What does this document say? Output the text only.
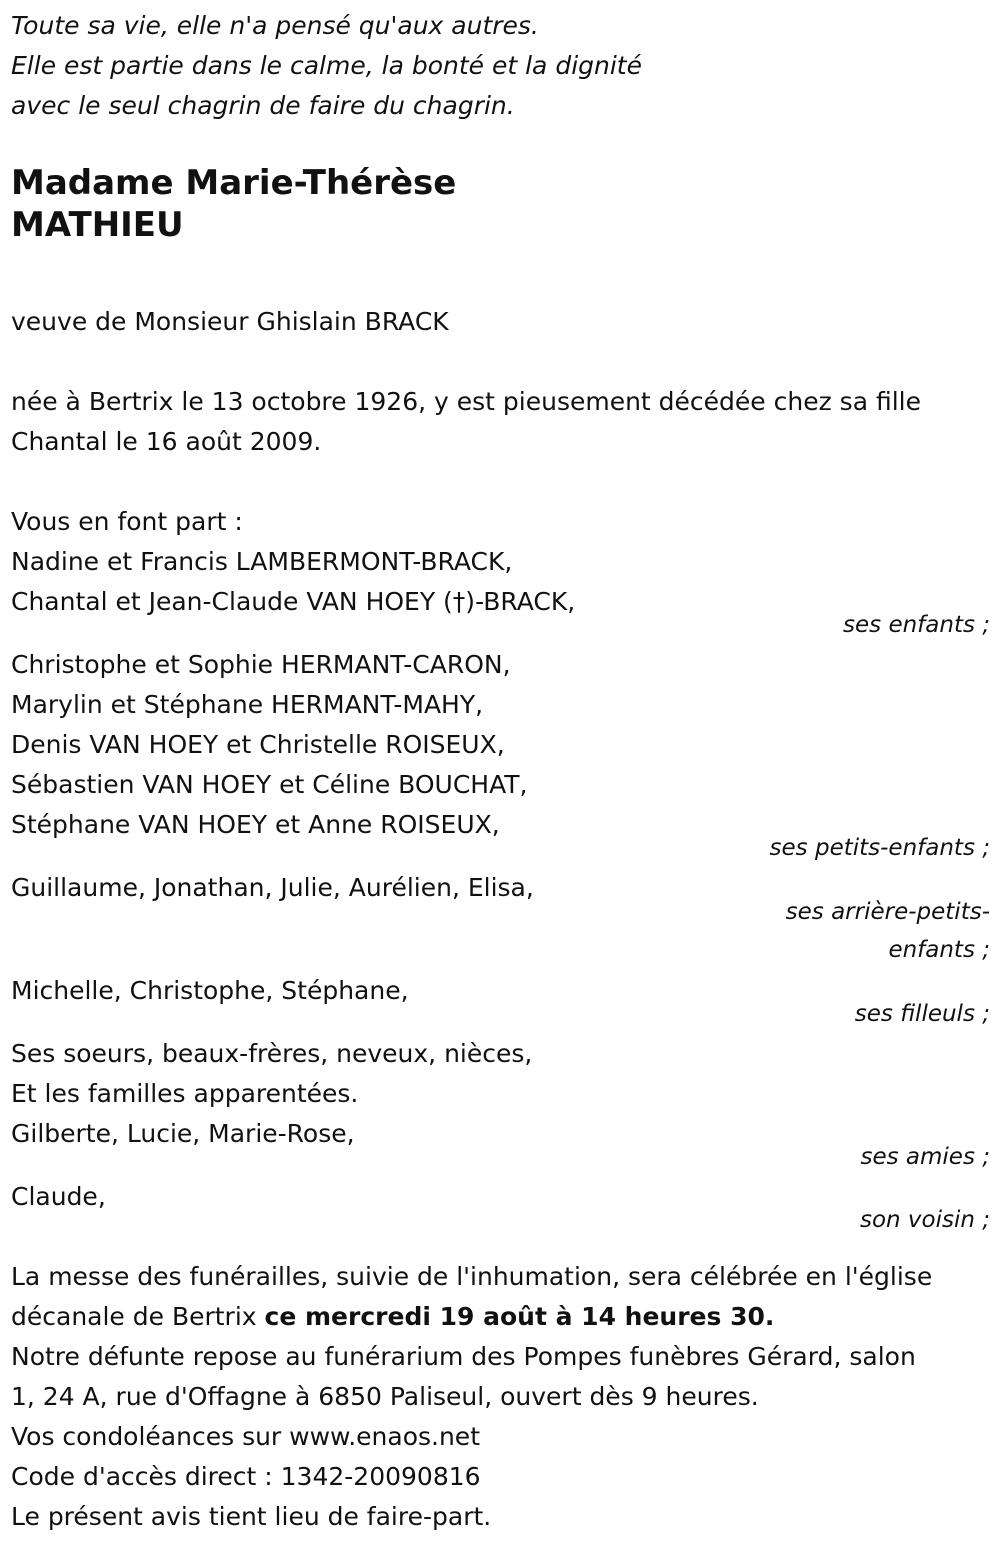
Toute sa vie, elle n'a pensé qu'aux autres.
Elle est partie dans le calme, la bonté et la dignité
avec le seul chagrin de faire du chagrin.
Madame Marie-Thérèse
MATHIEU
veuve de Monsieur Ghislain BRACK
née à Bertrix le 13 octobre 1926, y est pieusement décédée chez sa fille
Chantal le 16 août 2009.
Vous en font part :
Nadine et Francis LAMBERMONT-BRACK,
Chantal et Jean-Claude VAN HOEY (†)-BRACK,
ses enfants ;
Christophe et Sophie HERMANT-CARON,
Marylin et Stéphane HERMANT-MAHY,
Denis VAN HOEY et Christelle ROISEUX,
Sébastien VAN HOEY et Céline BOUCHAT,
Stéphane VAN HOEY et Anne ROISEUX,
ses petits-enfants ;
Guillaume, Jonathan, Julie, Aurélien, Elisa,
ses arrière-petits-
enfants ;
Michelle, Christophe, Stéphane,
ses filleuls ;
Ses soeurs, beaux-frères, neveux, nièces,
Et les familles apparentées.
Gilberte, Lucie, Marie-Rose,
ses amies ;
Claude,
son voisin ;
La messe des funérailles, suivie de l'inhumation, sera célébrée en l'église
décanale de Bertrix ce mercredi 19 août à 14 heures 30.
Notre défunte repose au funérarium des Pompes funèbres Gérard, salon
1, 24 A, rue d'Offagne à 6850 Paliseul, ouvert dès 9 heures.
Vos condoléances sur www.enaos.net
Code d'accès direct : 1342-20090816
Le présent avis tient lieu de faire-part.
